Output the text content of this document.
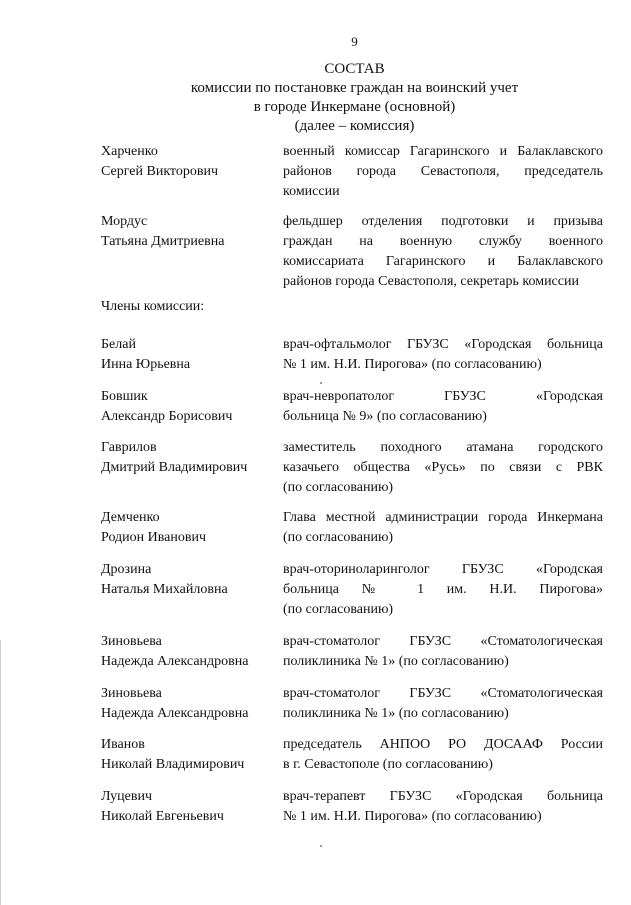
9
СОСТАВ
комиссии по постановке граждан на воинский учет
в городе Инкермане (основной)
(далее – комиссия)
Члены комиссии:
Харченко
Сергей Викторович
военный комиссар Гагаринского и Балаклавского
районов города Севастополя, председатель
комиссии
Мордус
Татьяна Дмитриевна
фельдшер отделения подготовки и призыва
граждан на военную службу военного
комиссариата Гагаринского и Балаклавского
районов города Севастополя, секретарь комиссии
Белай
Инна Юрьевна
врач-офтальмолог ГБУЗС «Городская больница
№ 1 им. Н.И. Пирогова» (по согласованию)
Бовшик
Александр Борисович
врач-невропатолог ГБУЗС «Городская
больница № 9» (по согласованию)
Гаврилов
Дмитрий Владимирович
заместитель походного атамана городского
казачьего общества «Русь» по связи с РВК
(по согласованию)
Демченко
Родион Иванович
Глава местной администрации города Инкермана
(по согласованию)
Дрозина
Наталья Михайловна
врач-оториноларинголог ГБУЗС «Городская
больница № 1 им. Н.И. Пирогова»
(по согласованию)
Зиновьева
Надежда Александровна
врач-стоматолог ГБУЗС «Стоматологическая
поликлиника № 1» (по согласованию)
Зиновьева
Надежда Александровна
врач-стоматолог ГБУЗС «Стоматологическая
поликлиника № 1» (по согласованию)
Иванов
Николай Владимирович
председатель АНПОО РО ДОСААФ России
в г. Севастополе (по согласованию)
Луцевич
Николай Евгеньевич
врач-терапевт ГБУЗС «Городская больница
№ 1 им. Н.И. Пирогова» (по согласованию)
